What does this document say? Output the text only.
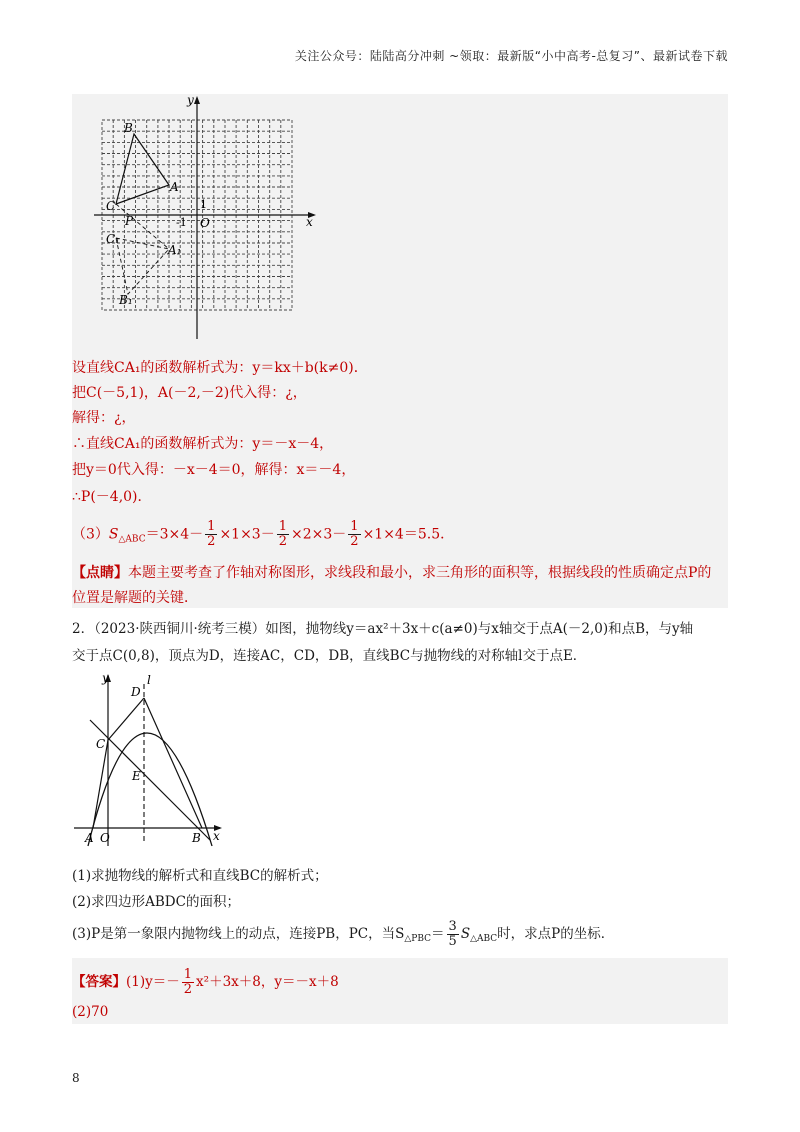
关注公众号：陆陆高分冲刺 ~领取：最新版“小中高考-总复习”、最新试卷下载
y
x
O
-1
1
B
A
C
P
C₁
A₁
B₁
设直线CA₁的函数解析式为：y＝kx＋b(k≠0)．
把C(－5,1)，A(－2,－2)代入得：¿，
解得：¿，
∴直线CA₁的函数解析式为：y＝－x－4，
把y＝0代入得：－x－4＝0，解得：x＝－4，
∴P(－4,0)．
$(3)S_{\triangle ABC}=3\times 4- \frac{1}{2} \times 1\times 3- \frac{1}{2} \times 2\times 3- \frac{1}{2} \times 1\times 4=5.5$．
【点睛】本题主要考查了作轴对称图形，求线段和最小，求三角形的面积等，根据线段的性质确定点P的
位置是解题的关键．
2．（2023·陕西铜川·统考三模）如图，抛物线y＝ax²＋3x＋c(a≠0)与x轴交于点A(－2,0)和点B，与y轴
交于点C(0,8)，顶点为D，连接AC，CD，DB，直线BC与抛物线的对称轴l交于点E．
y	l
D
C
E
A O	B x
(1)求抛物线的解析式和直线BC的解析式；
(2)求四边形ABDC的面积；
(3)P是第一象限内抛物线上的动点，连接PB，PC，当$S_{\triangle PBC}= \frac{3}{5} S_{\triangle ABC}$时，求点P的坐标．
【答案】$(1)y=- \frac{1}{2} x^2+3x+8$，y＝－x＋8
(2)70
8
